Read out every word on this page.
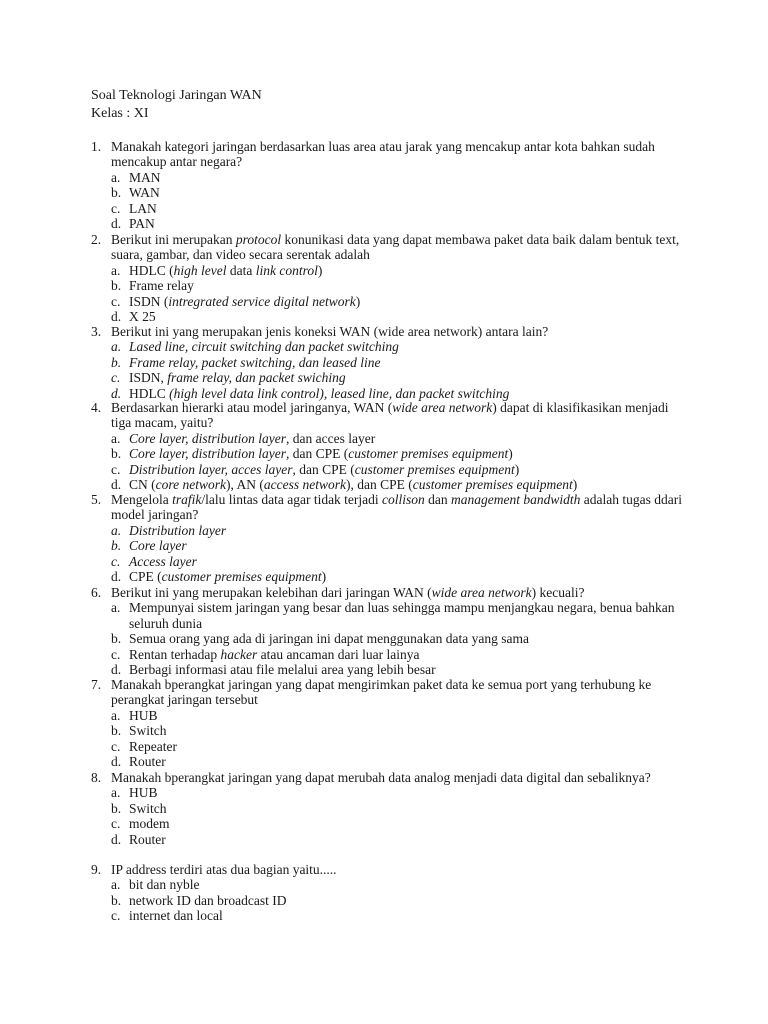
Soal Teknologi Jaringan WAN
Kelas : XI
1. Manakah kategori jaringan berdasarkan luas area atau jarak yang mencakup antar kota bahkan sudah mencakup antar negara?
a. MAN
b. WAN
c. LAN
d. PAN
2. Berikut ini merupakan protocol konunikasi data yang dapat membawa paket data baik dalam bentuk text, suara, gambar, dan video secara serentak adalah
a. HDLC (high level data link control)
b. Frame relay
c. ISDN (intregrated service digital network)
d. X 25
3. Berikut ini yang merupakan jenis koneksi WAN (wide area network) antara lain?
a. Lased line, circuit switching dan packet switching
b. Frame relay, packet switching, dan leased line
c. ISDN, frame relay, dan packet swiching
d. HDLC (high level data link control), leased line, dan packet switching
4. Berdasarkan hierarki atau model jaringanya, WAN (wide area network) dapat di klasifikasikan menjadi tiga macam, yaitu?
a. Core layer, distribution layer, dan acces layer
b. Core layer, distribution layer, dan CPE (customer premises equipment)
c. Distribution layer, acces layer, dan CPE (customer premises equipment)
d. CN (core network), AN (access network), dan CPE (customer premises equipment)
5. Mengelola trafik/lalu lintas data agar tidak terjadi collison dan management bandwidth adalah tugas ddari model jaringan?
a. Distribution layer
b. Core layer
c. Access layer
d. CPE (customer premises equipment)
6. Berikut ini yang merupakan kelebihan dari jaringan WAN (wide area network) kecuali?
a. Mempunyai sistem jaringan yang besar dan luas sehingga mampu menjangkau negara, benua bahkan seluruh dunia
b. Semua orang yang ada di jaringan ini dapat menggunakan data yang sama
c. Rentan terhadap hacker atau ancaman dari luar lainya
d. Berbagi informasi atau file melalui area yang lebih besar
7. Manakah bperangkat jaringan yang dapat mengirimkan paket data ke semua port yang terhubung ke perangkat jaringan tersebut
a. HUB
b. Switch
c. Repeater
d. Router
8. Manakah bperangkat jaringan yang dapat merubah data analog menjadi data digital dan sebaliknya?
a. HUB
b. Switch
c. modem
d. Router
9. IP address terdiri atas dua bagian yaitu.....
a. bit dan nyble
b. network ID dan broadcast ID
c. internet dan local
